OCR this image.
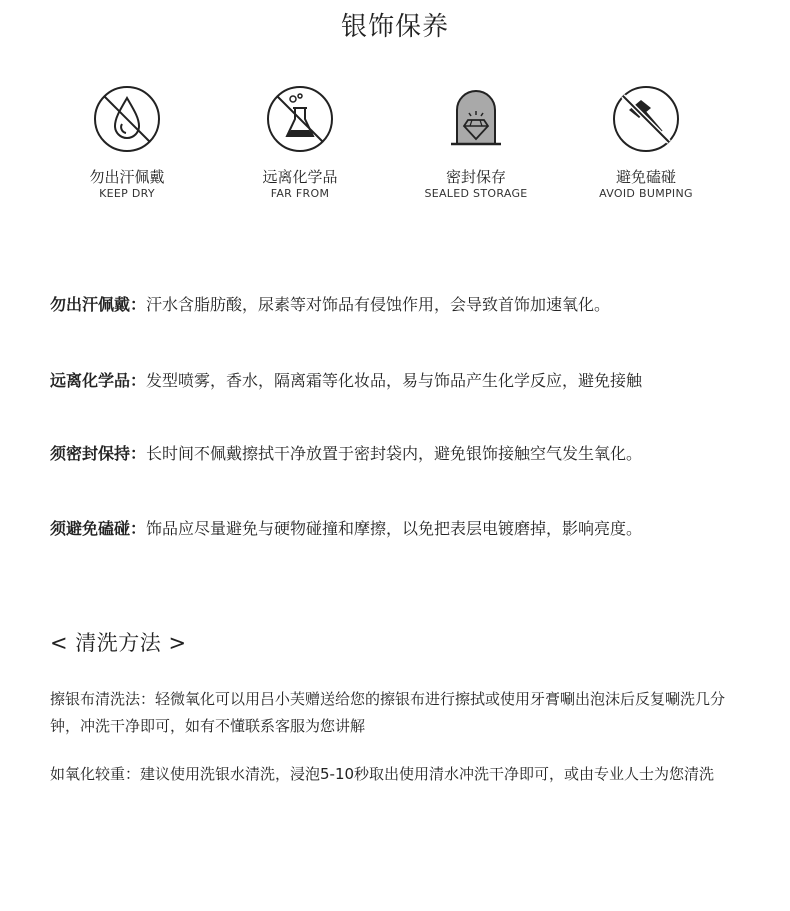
银饰保养
勿出汗佩戴
KEEP DRY
远离化学品
FAR FROM
密封保存
SEALED STORAGE
避免磕碰
AVOID BUMPING
勿出汗佩戴：汗水含脂肪酸，尿素等对饰品有侵蚀作用，会导致首饰加速氧化。
远离化学品：发型喷雾，香水，隔离霜等化妆品，易与饰品产生化学反应，避免接触
须密封保持：长时间不佩戴擦拭干净放置于密封袋内，避免银饰接触空气发生氧化。
须避免磕碰：饰品应尽量避免与硬物碰撞和摩擦，以免把表层电镀磨掉，影响亮度。
< 清洗方法 >
擦银布清洗法：轻微氧化可以用吕小芙赠送给您的擦银布进行擦拭或使用牙膏唰出泡沫后反复唰洗几分钟，冲洗干净即可，如有不懂联系客服为您讲解
如氧化较重：建议使用洗银水清洗，浸泡5-10秒取出使用清水冲洗干净即可，或由专业人士为您清洗
